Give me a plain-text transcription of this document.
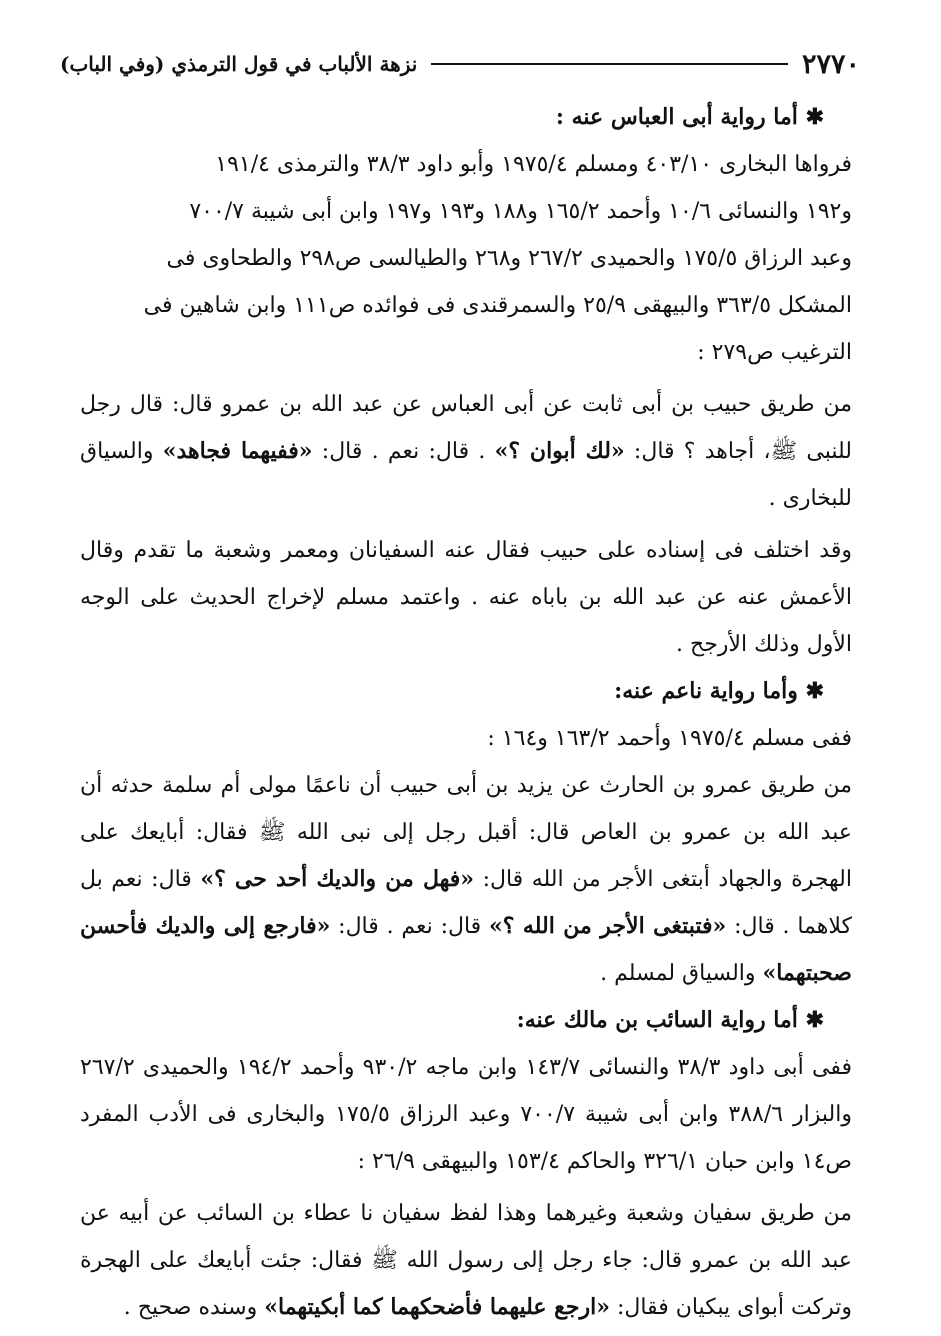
٢٧٧٠
نزهة الألباب في قول الترمذي (وفي الباب)

✱ أما رواية أبى العباس عنه :

فرواها البخارى ٤٠٣/١٠ ومسلم ١٩٧٥/٤ وأبو داود ٣٨/٣ والترمذى ١٩١/٤
و١٩٢ والنسائى ١٠/٦ وأحمد ١٦٥/٢ و١٨٨ و١٩٣ و١٩٧ وابن أبى شيبة ٧٠٠/٧
وعبد الرزاق ١٧٥/٥ والحميدى ٢٦٧/٢ و٢٦٨ والطيالسى ص٢٩٨ والطحاوى فى
المشكل ٣٦٣/٥ والبيهقى ٢٥/٩ والسمرقندى فى فوائده ص١١١ وابن شاهين فى
الترغيب ص٢٧٩ :

من طريق حبيب بن أبى ثابت عن أبى العباس عن عبد الله بن عمرو قال: قال رجل للنبى ﷺ، أجاهد ؟ قال: «لك أبوان ؟» . قال: نعم . قال: «ففيهما فجاهد» والسياق للبخارى .

وقد اختلف فى إسناده على حبيب فقال عنه السفيانان ومعمر وشعبة ما تقدم وقال الأعمش عنه عن عبد الله بن باباه عنه . واعتمد مسلم لإخراج الحديث على الوجه الأول وذلك الأرجح .

✱ وأما رواية ناعم عنه:

ففى مسلم ١٩٧٥/٤ وأحمد ١٦٣/٢ و١٦٤ :

من طريق عمرو بن الحارث عن يزيد بن أبى حبيب أن ناعمًا مولى أم سلمة حدثه أن عبد الله بن عمرو بن العاص قال: أقبل رجل إلى نبى الله ﷺ فقال: أبايعك على الهجرة والجهاد أبتغى الأجر من الله قال: «فهل من والديك أحد حى ؟» قال: نعم بل كلاهما . قال: «فتبتغى الأجر من الله ؟» قال: نعم . قال: «فارجع إلى والديك فأحسن صحبتهما» والسياق لمسلم .

✱ أما رواية السائب بن مالك عنه:

ففى أبى داود ٣٨/٣ والنسائى ١٤٣/٧ وابن ماجه ٩٣٠/٢ وأحمد ١٩٤/٢ والحميدى ٢٦٧/٢ والبزار ٣٨٨/٦ وابن أبى شيبة ٧٠٠/٧ وعبد الرزاق ١٧٥/٥ والبخارى فى الأدب المفرد ص١٤ وابن حبان ٣٢٦/١ والحاكم ١٥٣/٤ والبيهقى ٢٦/٩ :

من طريق سفيان وشعبة وغيرهما وهذا لفظ سفيان نا عطاء بن السائب عن أبيه عن عبد الله بن عمرو قال: جاء رجل إلى رسول الله ﷺ فقال: جئت أبايعك على الهجرة وتركت أبواى يبكيان فقال: «ارجع عليهما فأضحكهما كما أبكيتهما» وسنده صحيح .
